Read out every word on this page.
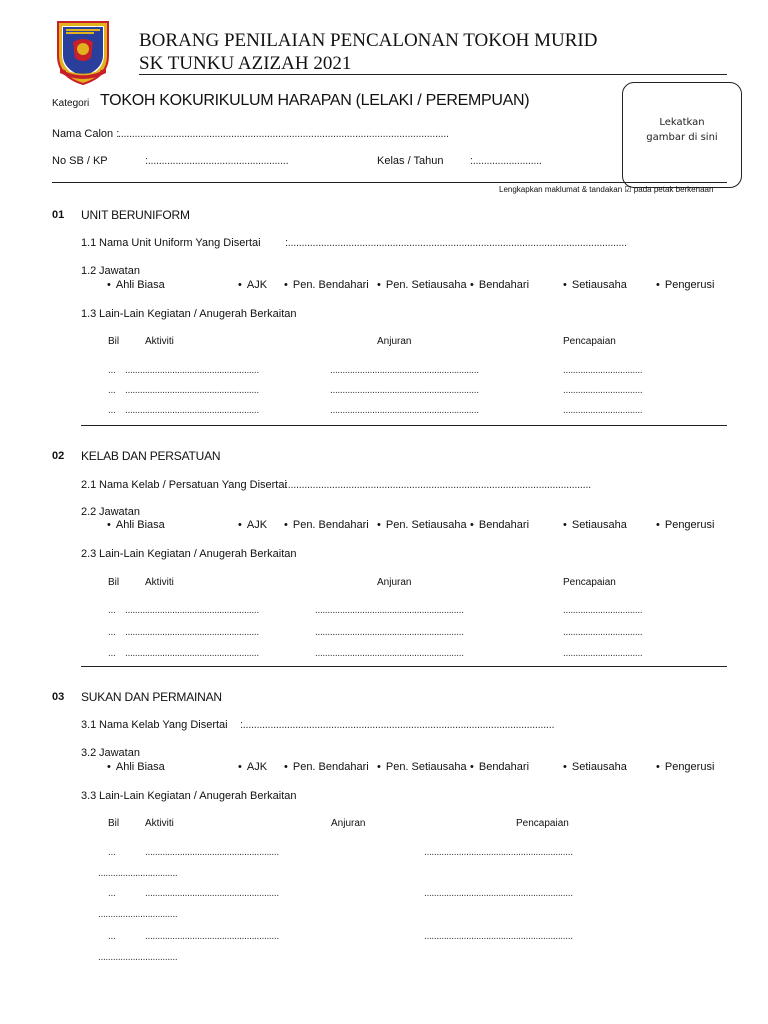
BORANG PENILAIAN PENCALONAN TOKOH MURID
SK TUNKU AZIZAH 2021
Lekatkan
gambar di sini
Kategori TOKOH KOKURIKULUM HARAPAN (LELAKI / PEREMPUAN)
Nama Calon :
........................................................................................................................
No SB / KP	:...................................................	Kelas / Tahun :.........................
Lengkapkan maklumat & tandakan ☑ pada petak berkenaan
01 UNIT BERUNIFORM
1.1 Nama Unit Uniform Yang Disertai :...........................................................................................................................
1.2 Jawatan
• Ahli Biasa	• AJK	• Pen. Bendahari	• Pen. Setiausaha	• Bendahari	• Setiausaha	• Pengerusi
1.3 Lain-Lain Kegiatan / Anugerah Berkaitan
Bil	Aktiviti	Anjuran	Pencapaian
... ......................................................	............................................................	................................
... ......................................................	............................................................	................................
... ......................................................	............................................................	................................
02 KELAB DAN PERSATUAN
2.1 Nama Kelab / Persatuan Yang Disertai
:..............................................................................................................
2.2 Jawatan
• Ahli Biasa	• AJK	• Pen. Bendahari	• Pen. Setiausaha	• Bendahari	• Setiausaha	• Pengerusi
2.3 Lain-Lain Kegiatan / Anugerah Berkaitan
Bil	Aktiviti	Anjuran	Pencapaian
... ......................................................	............................................................	................................
... ......................................................	............................................................	................................
... ......................................................	............................................................	................................
03 SUKAN DAN PERMAINAN
3.1 Nama Kelab Yang Disertai :.................................................................................................................
3.2 Jawatan
• Ahli Biasa	• AJK	• Pen. Bendahari	• Pen. Setiausaha	• Bendahari	• Setiausaha	• Pengerusi
3.3 Lain-Lain Kegiatan / Anugerah Berkaitan
Bil	Aktiviti	Anjuran	Pencapaian
...	......................................................	............................................................
................................
...	......................................................	............................................................
................................
...	......................................................	............................................................
................................
